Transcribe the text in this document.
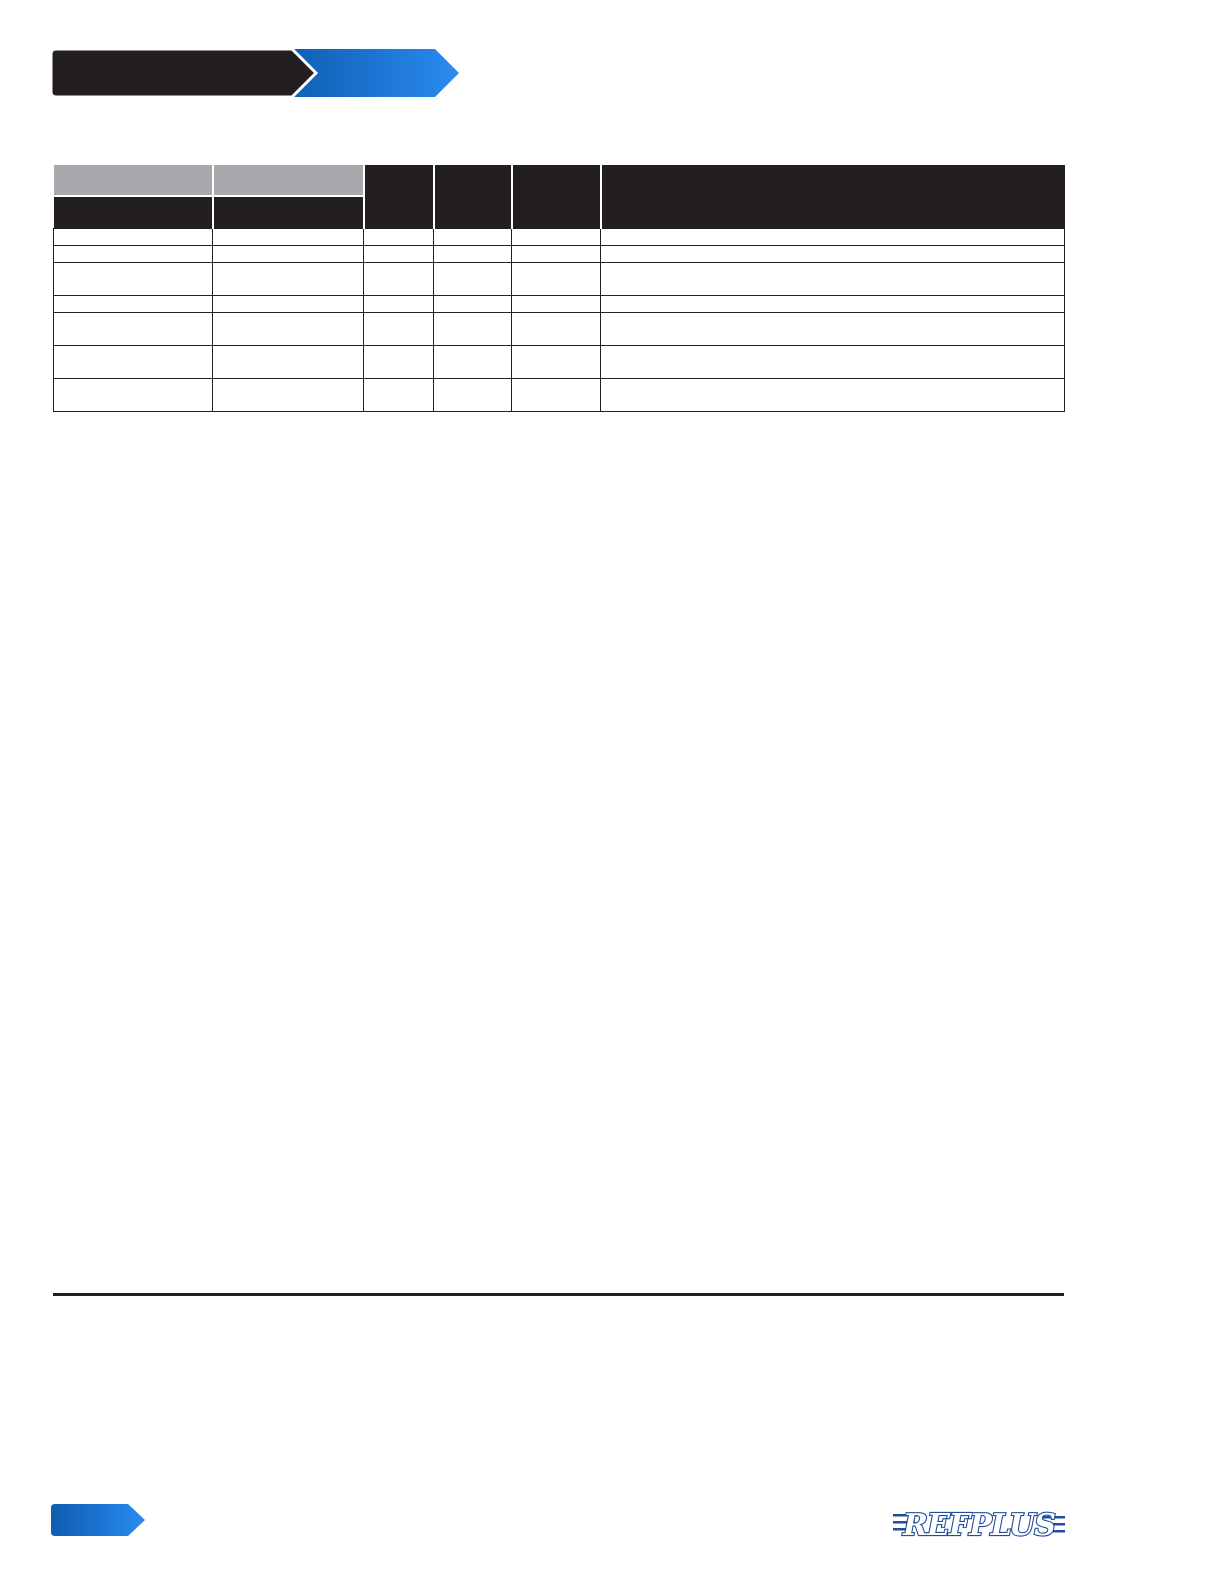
REFPLUS
